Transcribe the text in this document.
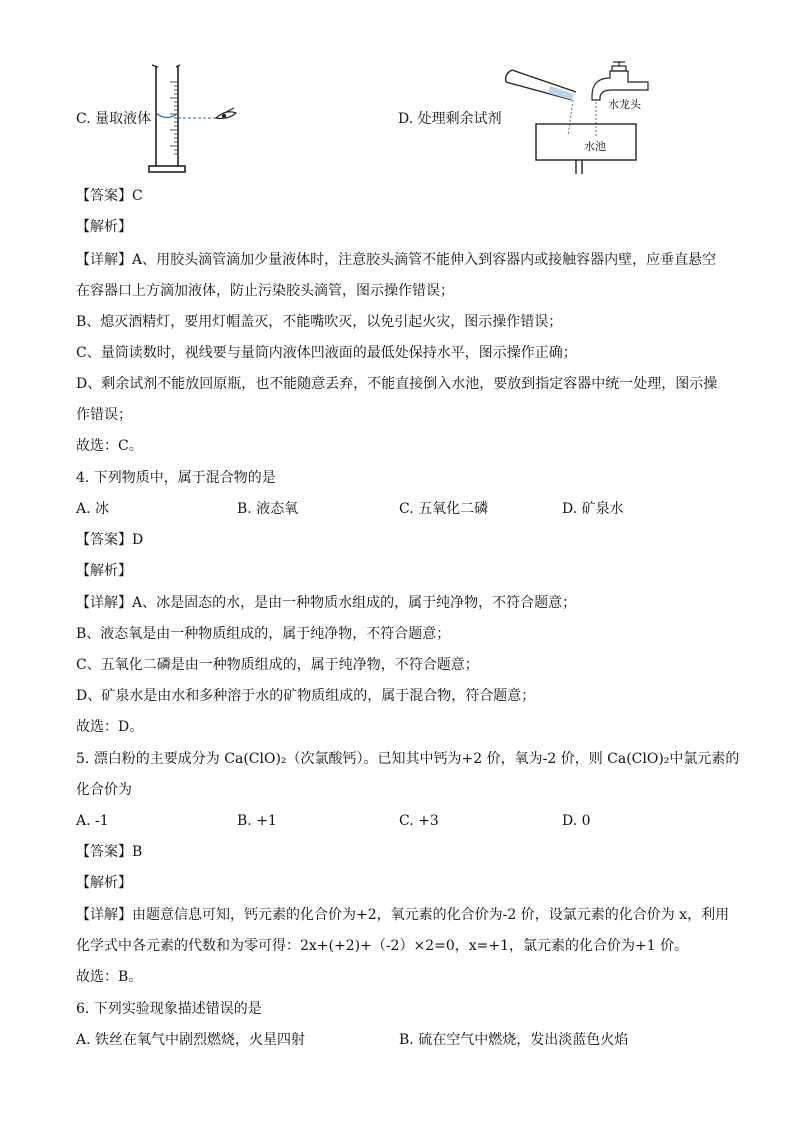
水龙头
水池
C. 量取液体	D. 处理剩余试剂
【答案】C
【解析】
【详解】A、用胶头滴管滴加少量液体时，注意胶头滴管不能伸入到容器内或接触容器内壁，应垂直悬空
在容器口上方滴加液体，防止污染胶头滴管，图示操作错误；
B、熄灭酒精灯，要用灯帽盖灭，不能嘴吹灭，以免引起火灾，图示操作错误；
C、量筒读数时，视线要与量筒内液体凹液面的最低处保持水平，图示操作正确；
D、剩余试剂不能放回原瓶，也不能随意丢弃，不能直接倒入水池，要放到指定容器中统一处理，图示操
作错误；
故选：C。
4. 下列物质中，属于混合物的是
A. 冰	B. 液态氧	C. 五氧化二磷	D. 矿泉水
【答案】D
【解析】
【详解】A、冰是固态的水，是由一种物质水组成的，属于纯净物，不符合题意；
B、液态氧是由一种物质组成的，属于纯净物，不符合题意；
C、五氧化二磷是由一种物质组成的，属于纯净物，不符合题意；
D、矿泉水是由水和多种溶于水的矿物质组成的，属于混合物，符合题意；
故选：D。
5. 漂白粉的主要成分为 Ca(ClO)₂（次氯酸钙）。已知其中钙为+2 价，氧为-2 价，则 Ca(ClO)₂中氯元素的
化合价为
A. -1	B. +1	C. +3	D. 0
【答案】B
【解析】
【详解】由题意信息可知，钙元素的化合价为+2，氧元素的化合价为-2 价，设氯元素的化合价为 x，利用
化学式中各元素的代数和为零可得：2x+(+2)+（-2）×2=0，x=+1，氯元素的化合价为+1 价。
故选：B。
6. 下列实验现象描述错误的是
A. 铁丝在氧气中剧烈燃烧，火星四射	B. 硫在空气中燃烧，发出淡蓝色火焰
